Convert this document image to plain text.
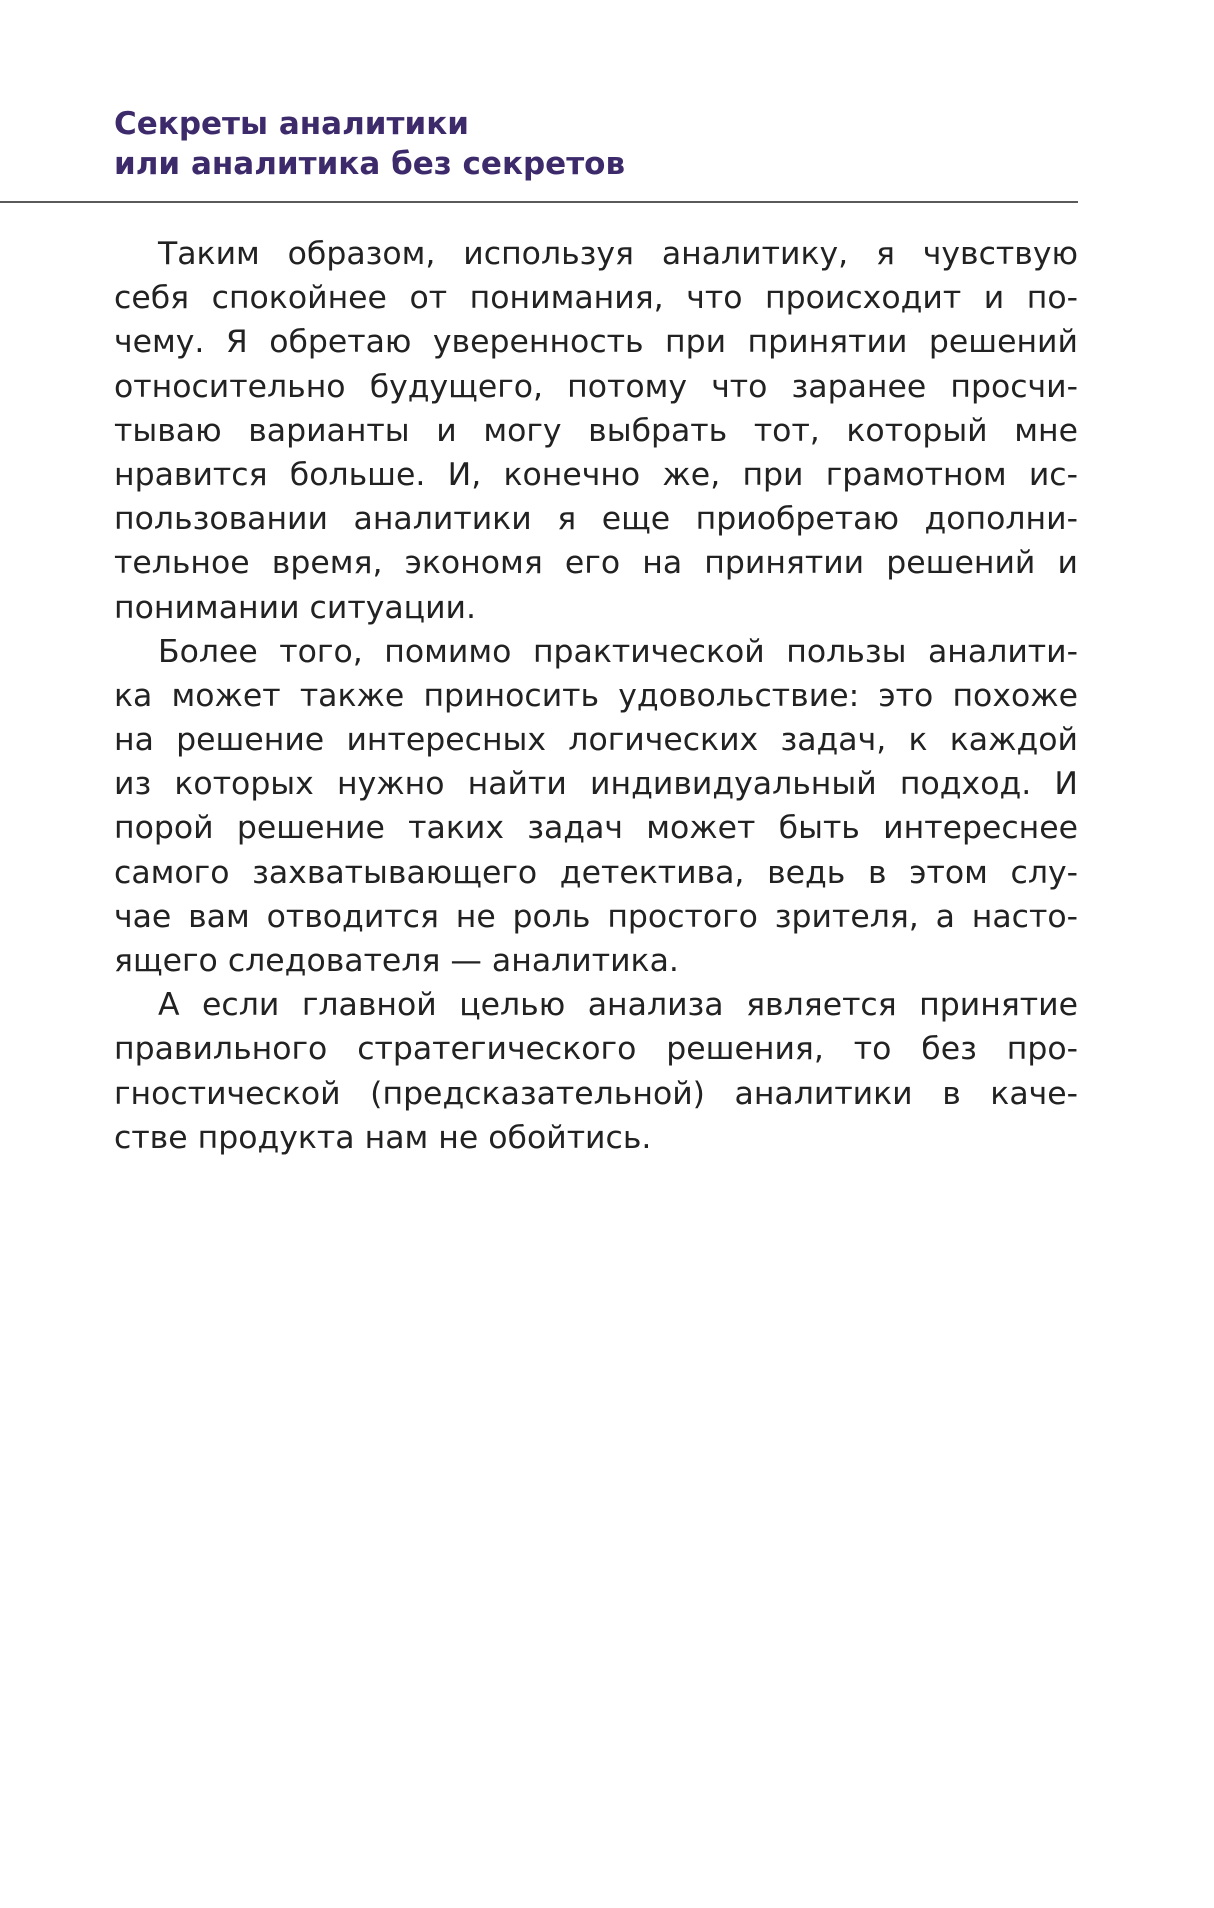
Секреты аналитики
или аналитика без секретов
Таким образом, используя аналитику, я чувствую
себя спокойнее от понимания, что происходит и по-
чему. Я обретаю уверенность при принятии решений
относительно будущего, потому что заранее просчи-
тываю варианты и могу выбрать тот, который мне
нравится больше. И, конечно же, при грамотном ис-
пользовании аналитики я еще приобретаю дополни-
тельное время, экономя его на принятии решений и
понимании ситуации.
Более того, помимо практической пользы аналити-
ка может также приносить удовольствие: это похоже
на решение интересных логических задач, к каждой
из которых нужно найти индивидуальный подход. И
порой решение таких задач может быть интереснее
самого захватывающего детектива, ведь в этом слу-
чае вам отводится не роль простого зрителя, а насто-
ящего следователя — аналитика.
А если главной целью анализа является принятие
правильного стратегического решения, то без про-
гностической (предсказательной) аналитики в каче-
стве продукта нам не обойтись.
